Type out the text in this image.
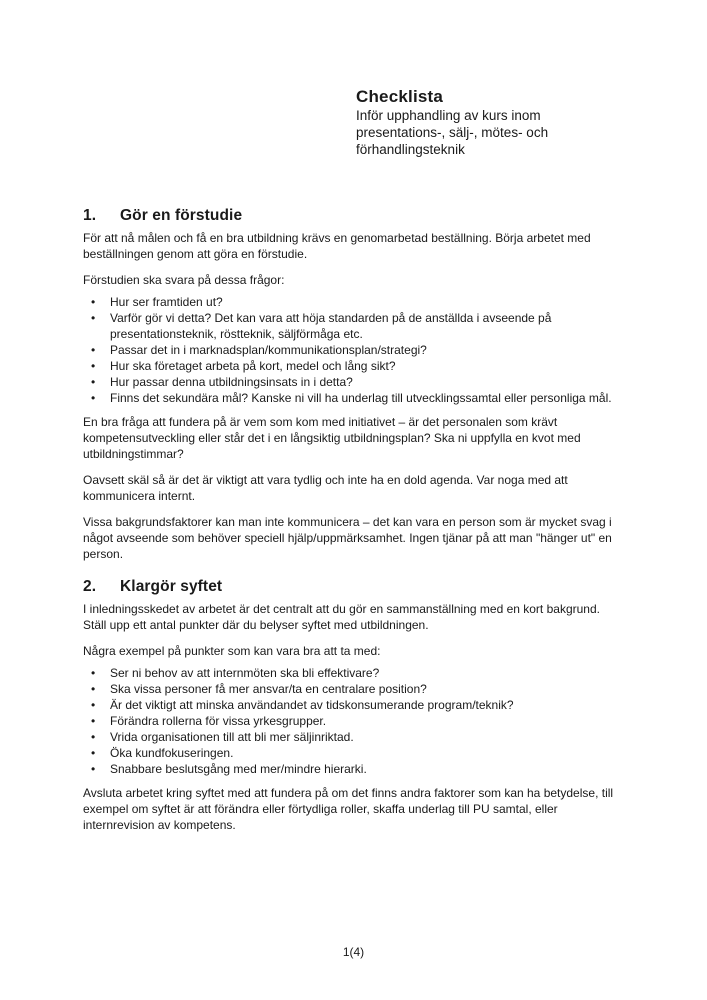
Checklista
Inför upphandling av kurs inom presentations-, sälj-, mötes- och förhandlingsteknik
1. Gör en förstudie

För att nå målen och få en bra utbildning krävs en genomarbetad beställning. Börja arbetet med beställningen genom att göra en förstudie.

Förstudien ska svara på dessa frågor:

• Hur ser framtiden ut?
• Varför gör vi detta? Det kan vara att höja standarden på de anställda i avseende på presentationsteknik, röstteknik, säljförmåga etc.
• Passar det in i marknadsplan/kommunikationsplan/strategi?
• Hur ska företaget arbeta på kort, medel och lång sikt?
• Hur passar denna utbildningsinsats in i detta?
• Finns det sekundära mål? Kanske ni vill ha underlag till utvecklingssamtal eller personliga mål.

En bra fråga att fundera på är vem som kom med initiativet – är det personalen som krävt kompetensutveckling eller står det i en långsiktig utbildningsplan? Ska ni uppfylla en kvot med utbildningstimmar?

Oavsett skäl så är det är viktigt att vara tydlig och inte ha en dold agenda. Var noga med att kommunicera internt.

Vissa bakgrundsfaktorer kan man inte kommunicera – det kan vara en person som är mycket svag i något avseende som behöver speciell hjälp/uppmärksamhet. Ingen tjänar på att man "hänger ut" en person.

2. Klargör syftet

I inledningsskedet av arbetet är det centralt att du gör en sammanställning med en kort bakgrund. Ställ upp ett antal punkter där du belyser syftet med utbildningen.

Några exempel på punkter som kan vara bra att ta med:

• Ser ni behov av att internmöten ska bli effektivare?
• Ska vissa personer få mer ansvar/ta en centralare position?
• Är det viktigt att minska användandet av tidskonsumerande program/teknik?
• Förändra rollerna för vissa yrkesgrupper.
• Vrida organisationen till att bli mer säljinriktad.
• Öka kundfokuseringen.
• Snabbare beslutsgång med mer/mindre hierarki.

Avsluta arbetet kring syftet med att fundera på om det finns andra faktorer som kan ha betydelse, till exempel om syftet är att förändra eller förtydliga roller, skaffa underlag till PU samtal, eller internrevision av kompetens.

1(4)
